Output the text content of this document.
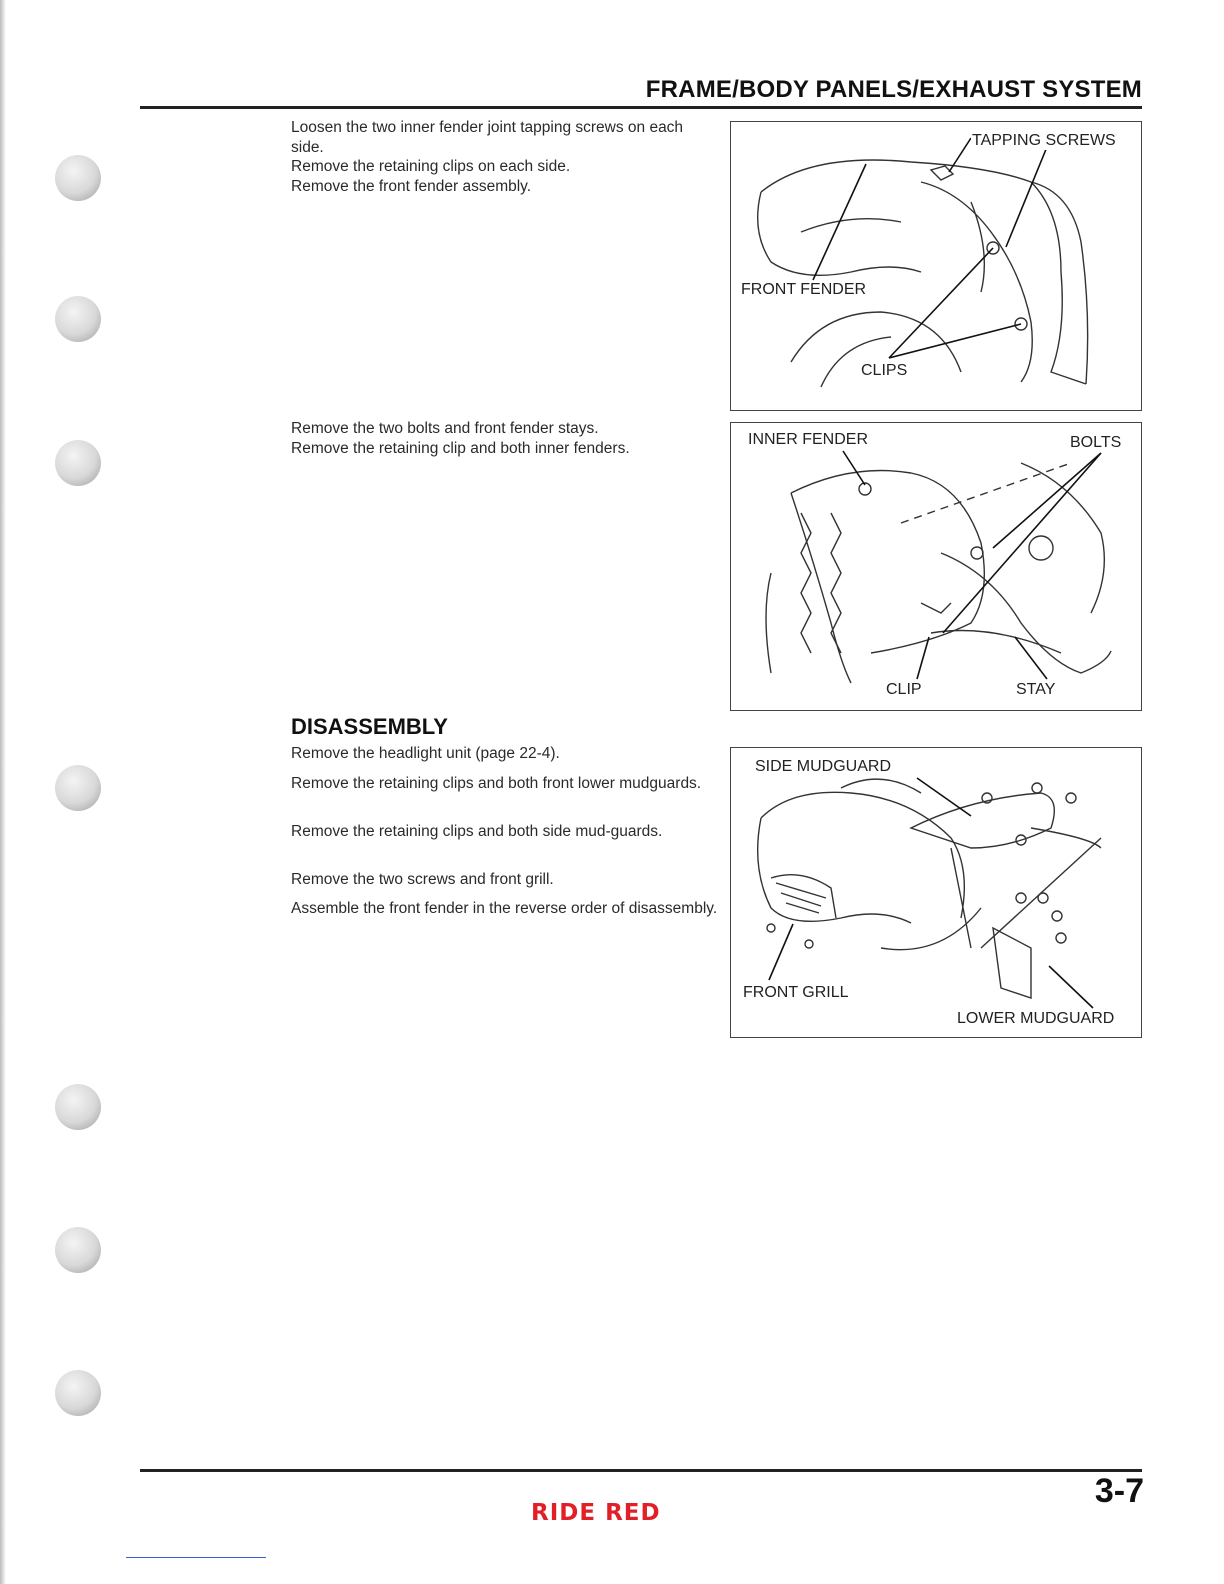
FRAME/BODY PANELS/EXHAUST SYSTEM

Loosen the two inner fender joint tapping screws on each side.

Remove the retaining clips on each side.

Remove the front fender assembly.

TAPPING SCREWS
FRONT FENDER
CLIPS

Remove the two bolts and front fender stays.

Remove the retaining clip and both inner fenders.	INNER FENDER	BOLTS
CLIP	STAY
DISASSEMBLY
Remove the headlight unit (page 22-4).
Remove the retaining clips and both front lower mudguards.
Remove the retaining clips and both side mud-guards.
Remove the two screws and front grill.
Assemble the front fender in the reverse order of disassembly.
SIDE MUDGUARD
FRONT GRILL
LOWER MUDGUARD
3-7
RIDE RED
